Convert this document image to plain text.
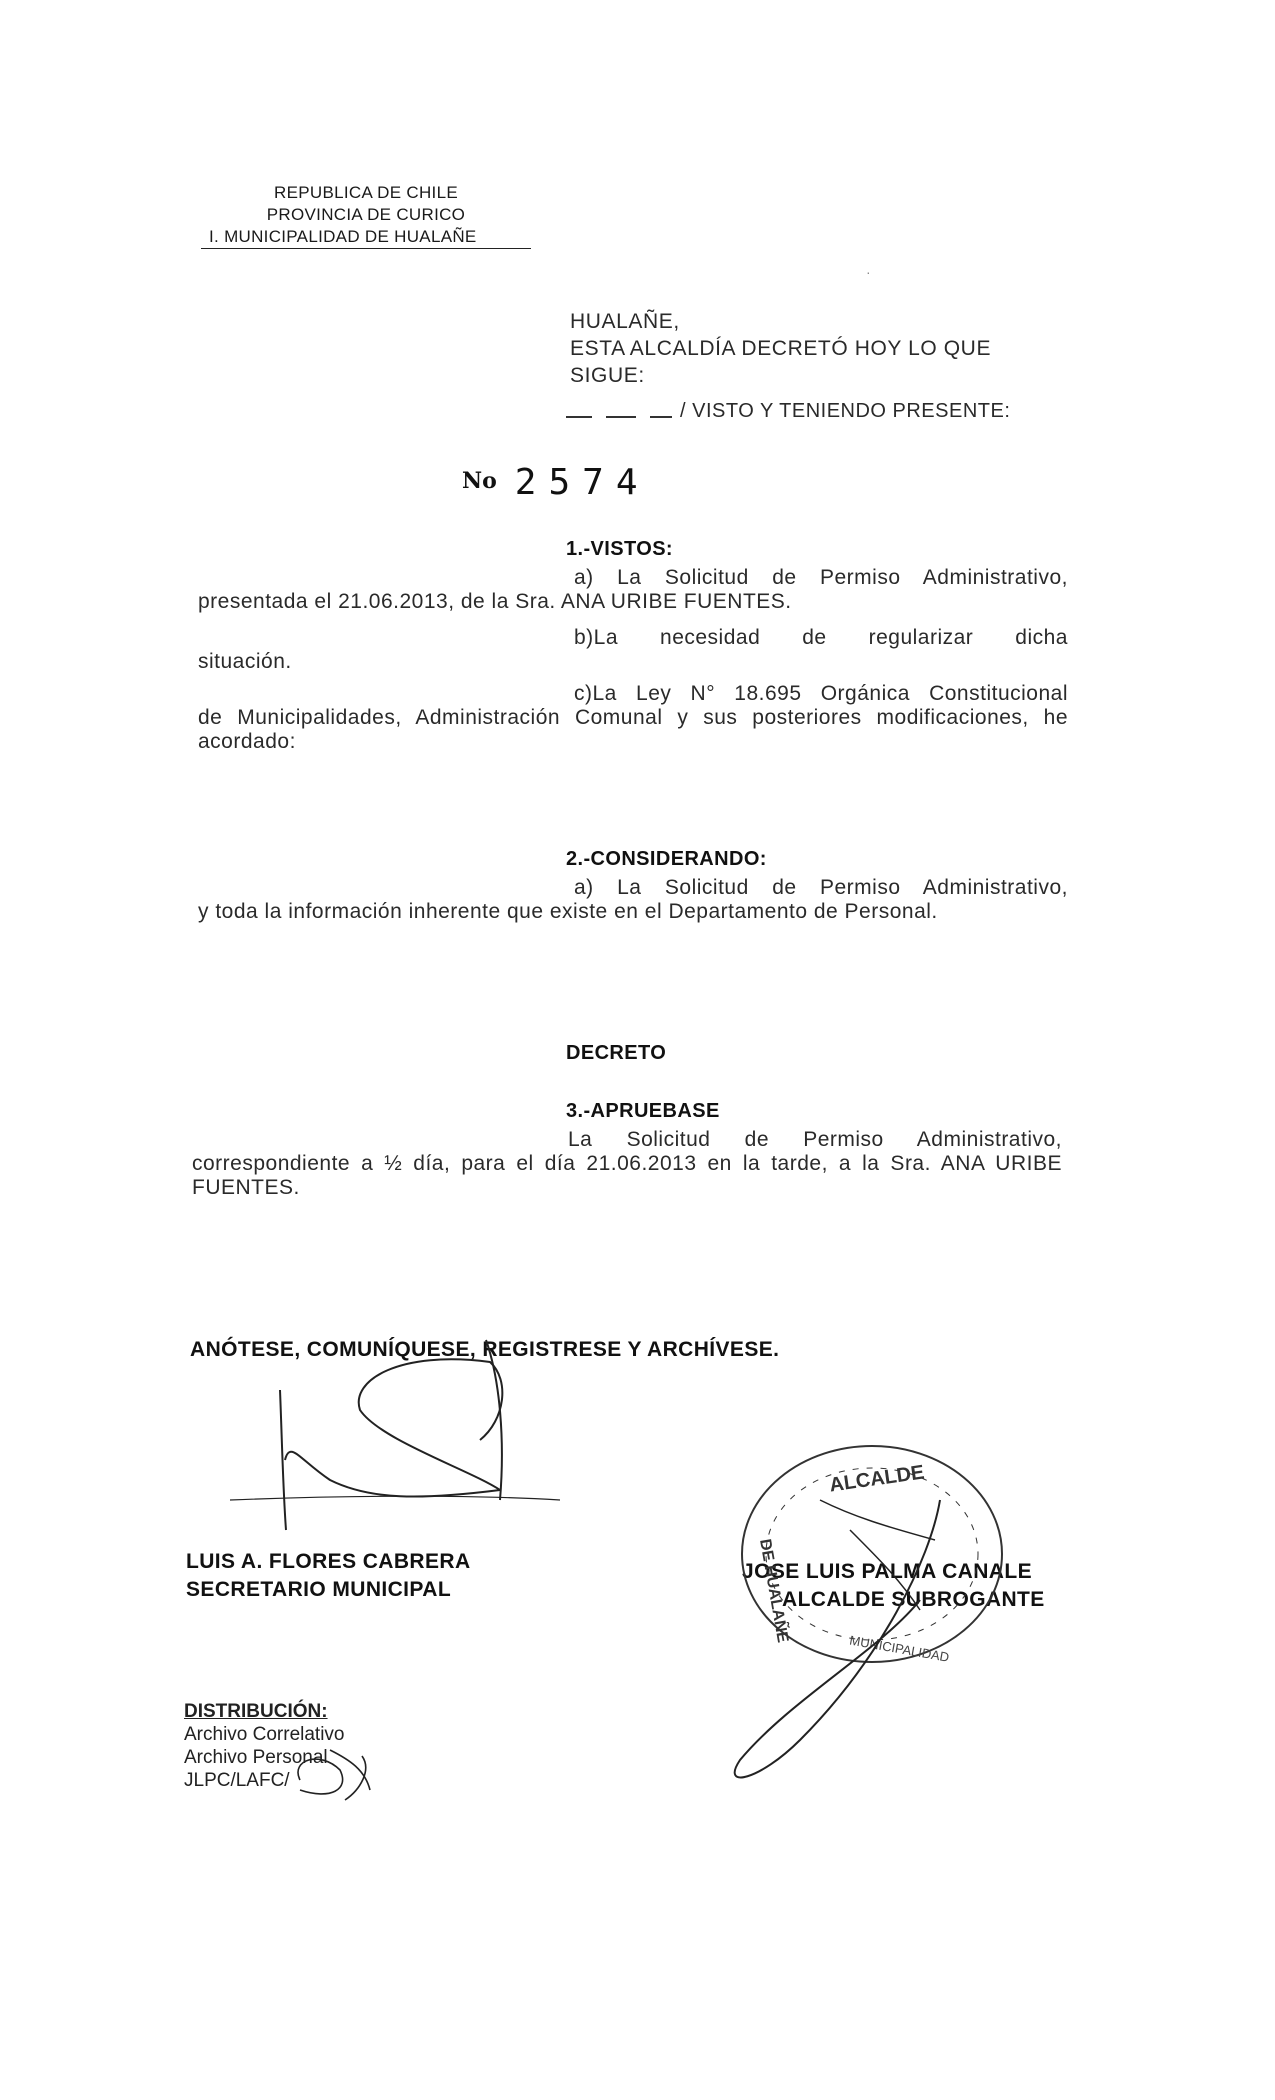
REPUBLICA DE CHILE
PROVINCIA DE CURICO
I. MUNICIPALIDAD DE HUALAÑE
·
HUALAÑE,
ESTA ALCALDÍA DECRETÓ HOY LO QUE
SIGUE:
/ VISTO Y TENIENDO PRESENTE:
No 2574
1.-VISTOS:
a) La Solicitud de Permiso Administrativo,
presentada el 21.06.2013, de la Sra. ANA URIBE FUENTES.
b)La necesidad de regularizar dicha
situación.
c)La Ley N° 18.695 Orgánica Constitucional
de Municipalidades, Administración Comunal y sus posteriores modificaciones, he acordado:
2.-CONSIDERANDO:
a) La Solicitud de Permiso Administrativo,
y toda la información inherente que existe en el Departamento de Personal.
DECRETO
3.-APRUEBASE
La Solicitud de Permiso Administrativo,
correspondiente a ½ día, para el día 21.06.2013 en la tarde, a la Sra. ANA URIBE FUENTES.
ANÓTESE, COMUNÍQUESE, REGISTRESE Y ARCHÍVESE.
LUIS A. FLORES CABRERA
SECRETARIO MUNICIPAL
JOSE LUIS PALMA CANALE
ALCALDE SUBROGANTE
DISTRIBUCIÓN:
Archivo Correlativo
Archivo Personal
JLPC/LAFC/
ALCALDE
DE HUALAÑE
MUNICIPALIDAD
